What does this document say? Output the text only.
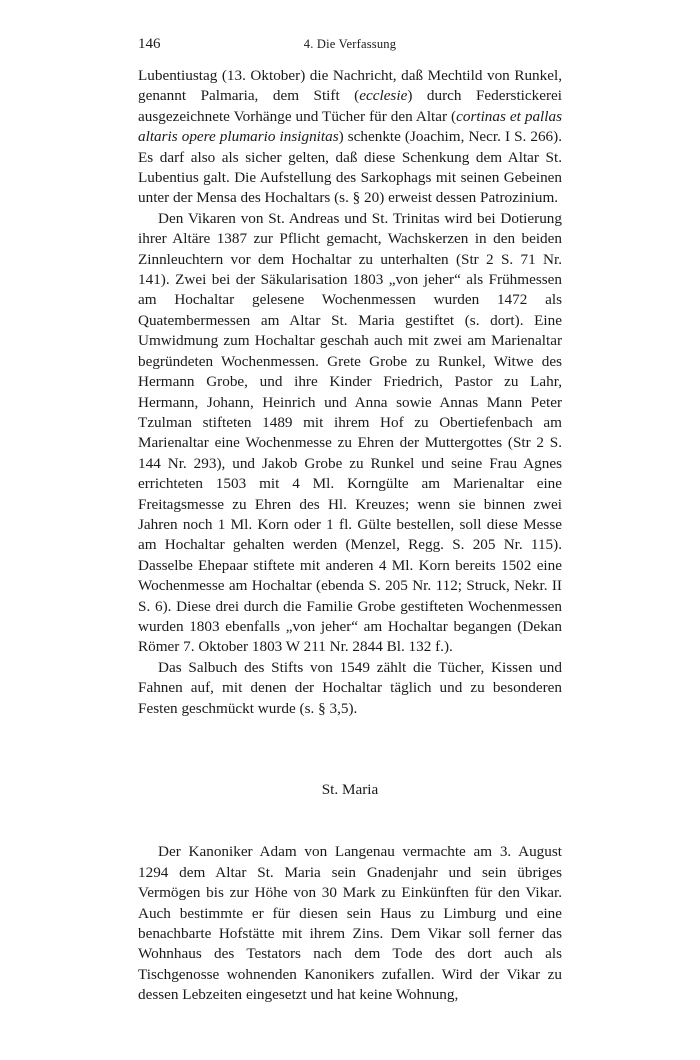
146	4. Die Verfassung

Lubentiustag (13. Oktober) die Nachricht, daß Mechtild von Runkel, genannt Palmaria, dem Stift (ecclesie) durch Federstickerei ausgezeichnete Vorhänge und Tücher für den Altar (cortinas et pallas altaris opere plumario insignitas) schenkte (Joachim, Necr. I S. 266). Es darf also als sicher gelten, daß diese Schenkung dem Altar St. Lubentius galt. Die Aufstellung des Sarkophags mit seinen Gebeinen unter der Mensa des Hochaltars (s. § 20) erweist dessen Patrozinium.

Den Vikaren von St. Andreas und St. Trinitas wird bei Dotierung ihrer Altäre 1387 zur Pflicht gemacht, Wachskerzen in den beiden Zinnleuchtern vor dem Hochaltar zu unterhalten (Str 2 S. 71 Nr. 141). Zwei bei der Säkularisation 1803 „von jeher“ als Frühmessen am Hochaltar gelesene Wochenmessen wurden 1472 als Quatembermessen am Altar St. Maria gestiftet (s. dort). Eine Umwidmung zum Hochaltar geschah auch mit zwei am Marienaltar begründeten Wochenmessen. Grete Grobe zu Runkel, Witwe des Hermann Grobe, und ihre Kinder Friedrich, Pastor zu Lahr, Hermann, Johann, Heinrich und Anna sowie Annas Mann Peter Tzulman stifteten 1489 mit ihrem Hof zu Obertiefenbach am Marienaltar eine Wochenmesse zu Ehren der Muttergottes (Str 2 S. 144 Nr. 293), und Jakob Grobe zu Runkel und seine Frau Agnes errichteten 1503 mit 4 Ml. Korngülte am Marienaltar eine Freitagsmesse zu Ehren des Hl. Kreuzes; wenn sie binnen zwei Jahren noch 1 Ml. Korn oder 1 fl. Gülte bestellen, soll diese Messe am Hochaltar gehalten werden (Menzel, Regg. S. 205 Nr. 115). Dasselbe Ehepaar stiftete mit anderen 4 Ml. Korn bereits 1502 eine Wochenmesse am Hochaltar (ebenda S. 205 Nr. 112; Struck, Nekr. II S. 6). Diese drei durch die Familie Grobe gestifteten Wochenmessen wurden 1803 ebenfalls „von jeher“ am Hochaltar begangen (Dekan Römer 7. Oktober 1803 W 211 Nr. 2844 Bl. 132 f.).

Das Salbuch des Stifts von 1549 zählt die Tücher, Kissen und Fahnen auf, mit denen der Hochaltar täglich und zu besonderen Festen geschmückt wurde (s. § 3,5).

St. Maria

Der Kanoniker Adam von Langenau vermachte am 3. August 1294 dem Altar St. Maria sein Gnadenjahr und sein übriges Vermögen bis zur Höhe von 30 Mark zu Einkünften für den Vikar. Auch bestimmte er für diesen sein Haus zu Limburg und eine benachbarte Hofstätte mit ihrem Zins. Dem Vikar soll ferner das Wohnhaus des Testators nach dem Tode des dort auch als Tischgenosse wohnenden Kanonikers zufallen. Wird der Vikar zu dessen Lebzeiten eingesetzt und hat keine Wohnung,
